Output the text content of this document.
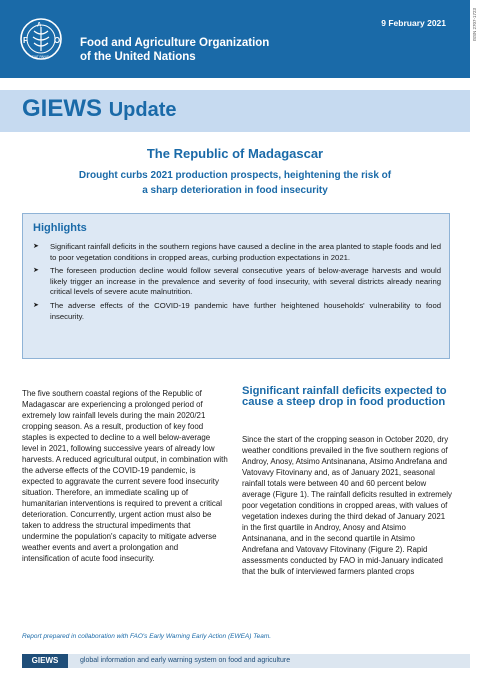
F
A
O
FIAT PANIS
Food and Agriculture Organization
of the United Nations
9 February 2021	ISSN 2707-1723
GIEWS Update
The Republic of Madagascar
Drought curbs 2021 production prospects, heightening the risk of
a sharp deterioration in food insecurity
Highlights
➤ Significant rainfall deficits in the southern regions have caused a decline in the area planted to staple foods and led to poor vegetation conditions in cropped areas, curbing production expectations in 2021.
➤ The foreseen production decline would follow several consecutive years of below-average harvests and would likely trigger an increase in the prevalence and severity of food insecurity, with several districts already nearing critical levels of severe acute malnutrition.
➤ The adverse effects of the COVID-19 pandemic have further heightened households' vulnerability to food insecurity.
The five southern coastal regions of the Republic of Madagascar are experiencing a prolonged period of extremely low rainfall levels during the main 2020/21 cropping season. As a result, production of key food staples is expected to decline to a well below-average level in 2021, following successive years of already low harvests. A reduced agricultural output, in combination with the adverse effects of the COVID-19 pandemic, is expected to aggravate the current severe food insecurity situation. Therefore, an immediate scaling up of humanitarian interventions is required to prevent a critical deterioration. Concurrently, urgent action must also be taken to address the structural impediments that undermine the population's capacity to mitigate adverse weather events and avert a prolongation and intensification of acute food insecurity.
Significant rainfall deficits expected to cause a steep drop in food production
Since the start of the cropping season in October 2020, dry weather conditions prevailed in the five southern regions of Androy, Anosy, Atsimo Antsinanana, Atsimo Andrefana and Vatovavy Fitovinany and, as of January 2021, seasonal rainfall totals were between 40 and 60 percent below average (Figure 1). The rainfall deficits resulted in extremely poor vegetation conditions in cropped areas, with values of vegetation indexes during the third dekad of January 2021 in the first quartile in Androy, Anosy and Atsimo Antsinanana, and in the second quartile in Atsimo Andrefana and Vatovavy Fitovinany (Figure 2). Rapid assessments conducted by FAO in mid-January indicated that the bulk of interviewed farmers planted crops
Report prepared in collaboration with FAO's Early Warning Early Action (EWEA) Team.
GIEWS	global information and early warning system on food and agriculture
